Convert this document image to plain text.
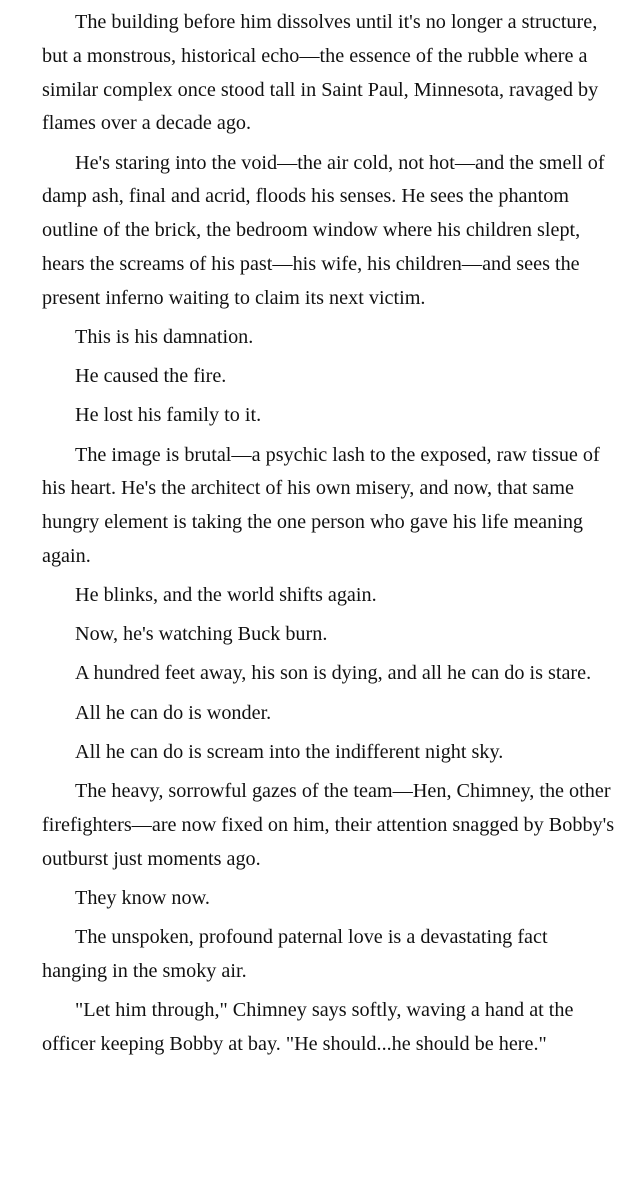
The building before him dissolves until it's no longer a structure, but a monstrous, historical echo—the essence of the rubble where a similar complex once stood tall in Saint Paul, Minnesota, ravaged by flames over a decade ago.

He's staring into the void—the air cold, not hot—and the smell of damp ash, final and acrid, floods his senses. He sees the phantom outline of the brick, the bedroom window where his children slept, hears the screams of his past—his wife, his children—and sees the present inferno waiting to claim its next victim.

This is his damnation.

He caused the fire.

He lost his family to it.

The image is brutal—a psychic lash to the exposed, raw tissue of his heart. He's the architect of his own misery, and now, that same hungry element is taking the one person who gave his life meaning again.

He blinks, and the world shifts again.

Now, he's watching Buck burn.

A hundred feet away, his son is dying, and all he can do is stare.

All he can do is wonder.

All he can do is scream into the indifferent night sky.

The heavy, sorrowful gazes of the team—Hen, Chimney, the other firefighters—are now fixed on him, their attention snagged by Bobby's outburst just moments ago.

They know now.

The unspoken, profound paternal love is a devastating fact hanging in the smoky air.

"Let him through," Chimney says softly, waving a hand at the officer keeping Bobby at bay. "He should...he should be here."
